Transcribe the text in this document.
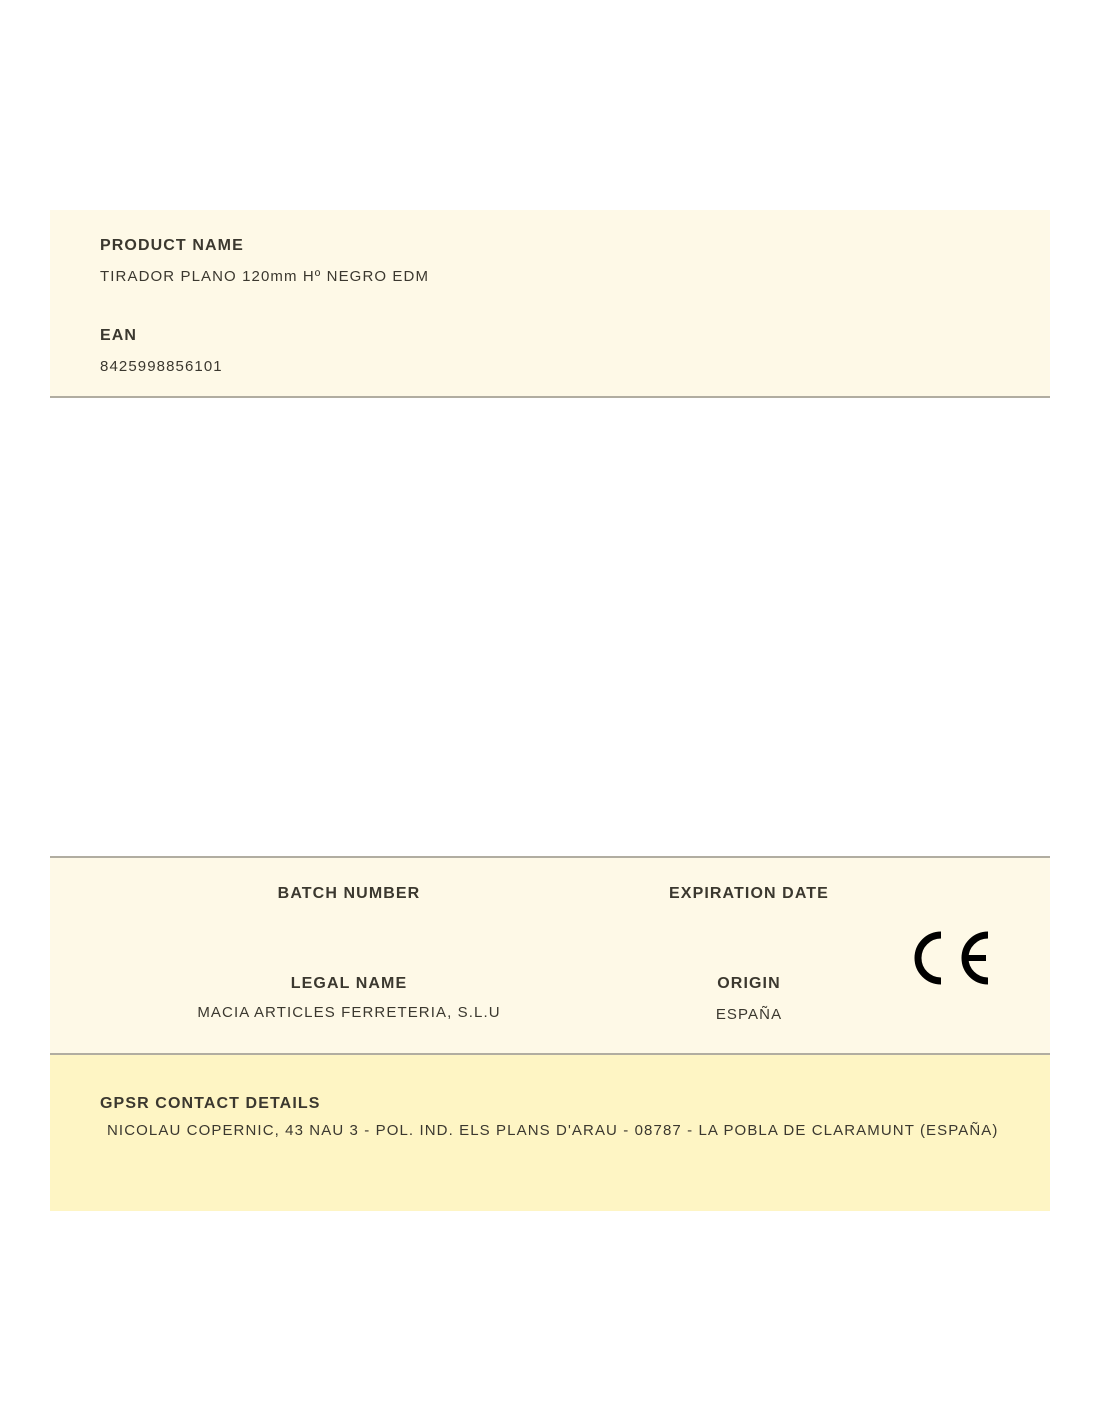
PRODUCT NAME
TIRADOR PLANO 120mm Hº NEGRO EDM
EAN
8425998856101
BATCH NUMBER	EXPIRATION DATE
LEGAL NAME
MACIA ARTICLES FERRETERIA, S.L.U
ORIGIN
ESPAÑA
GPSR CONTACT DETAILS
NICOLAU COPERNIC, 43 NAU 3 - POL. IND. ELS PLANS D'ARAU - 08787 - LA POBLA DE CLARAMUNT (ESPAÑA)
